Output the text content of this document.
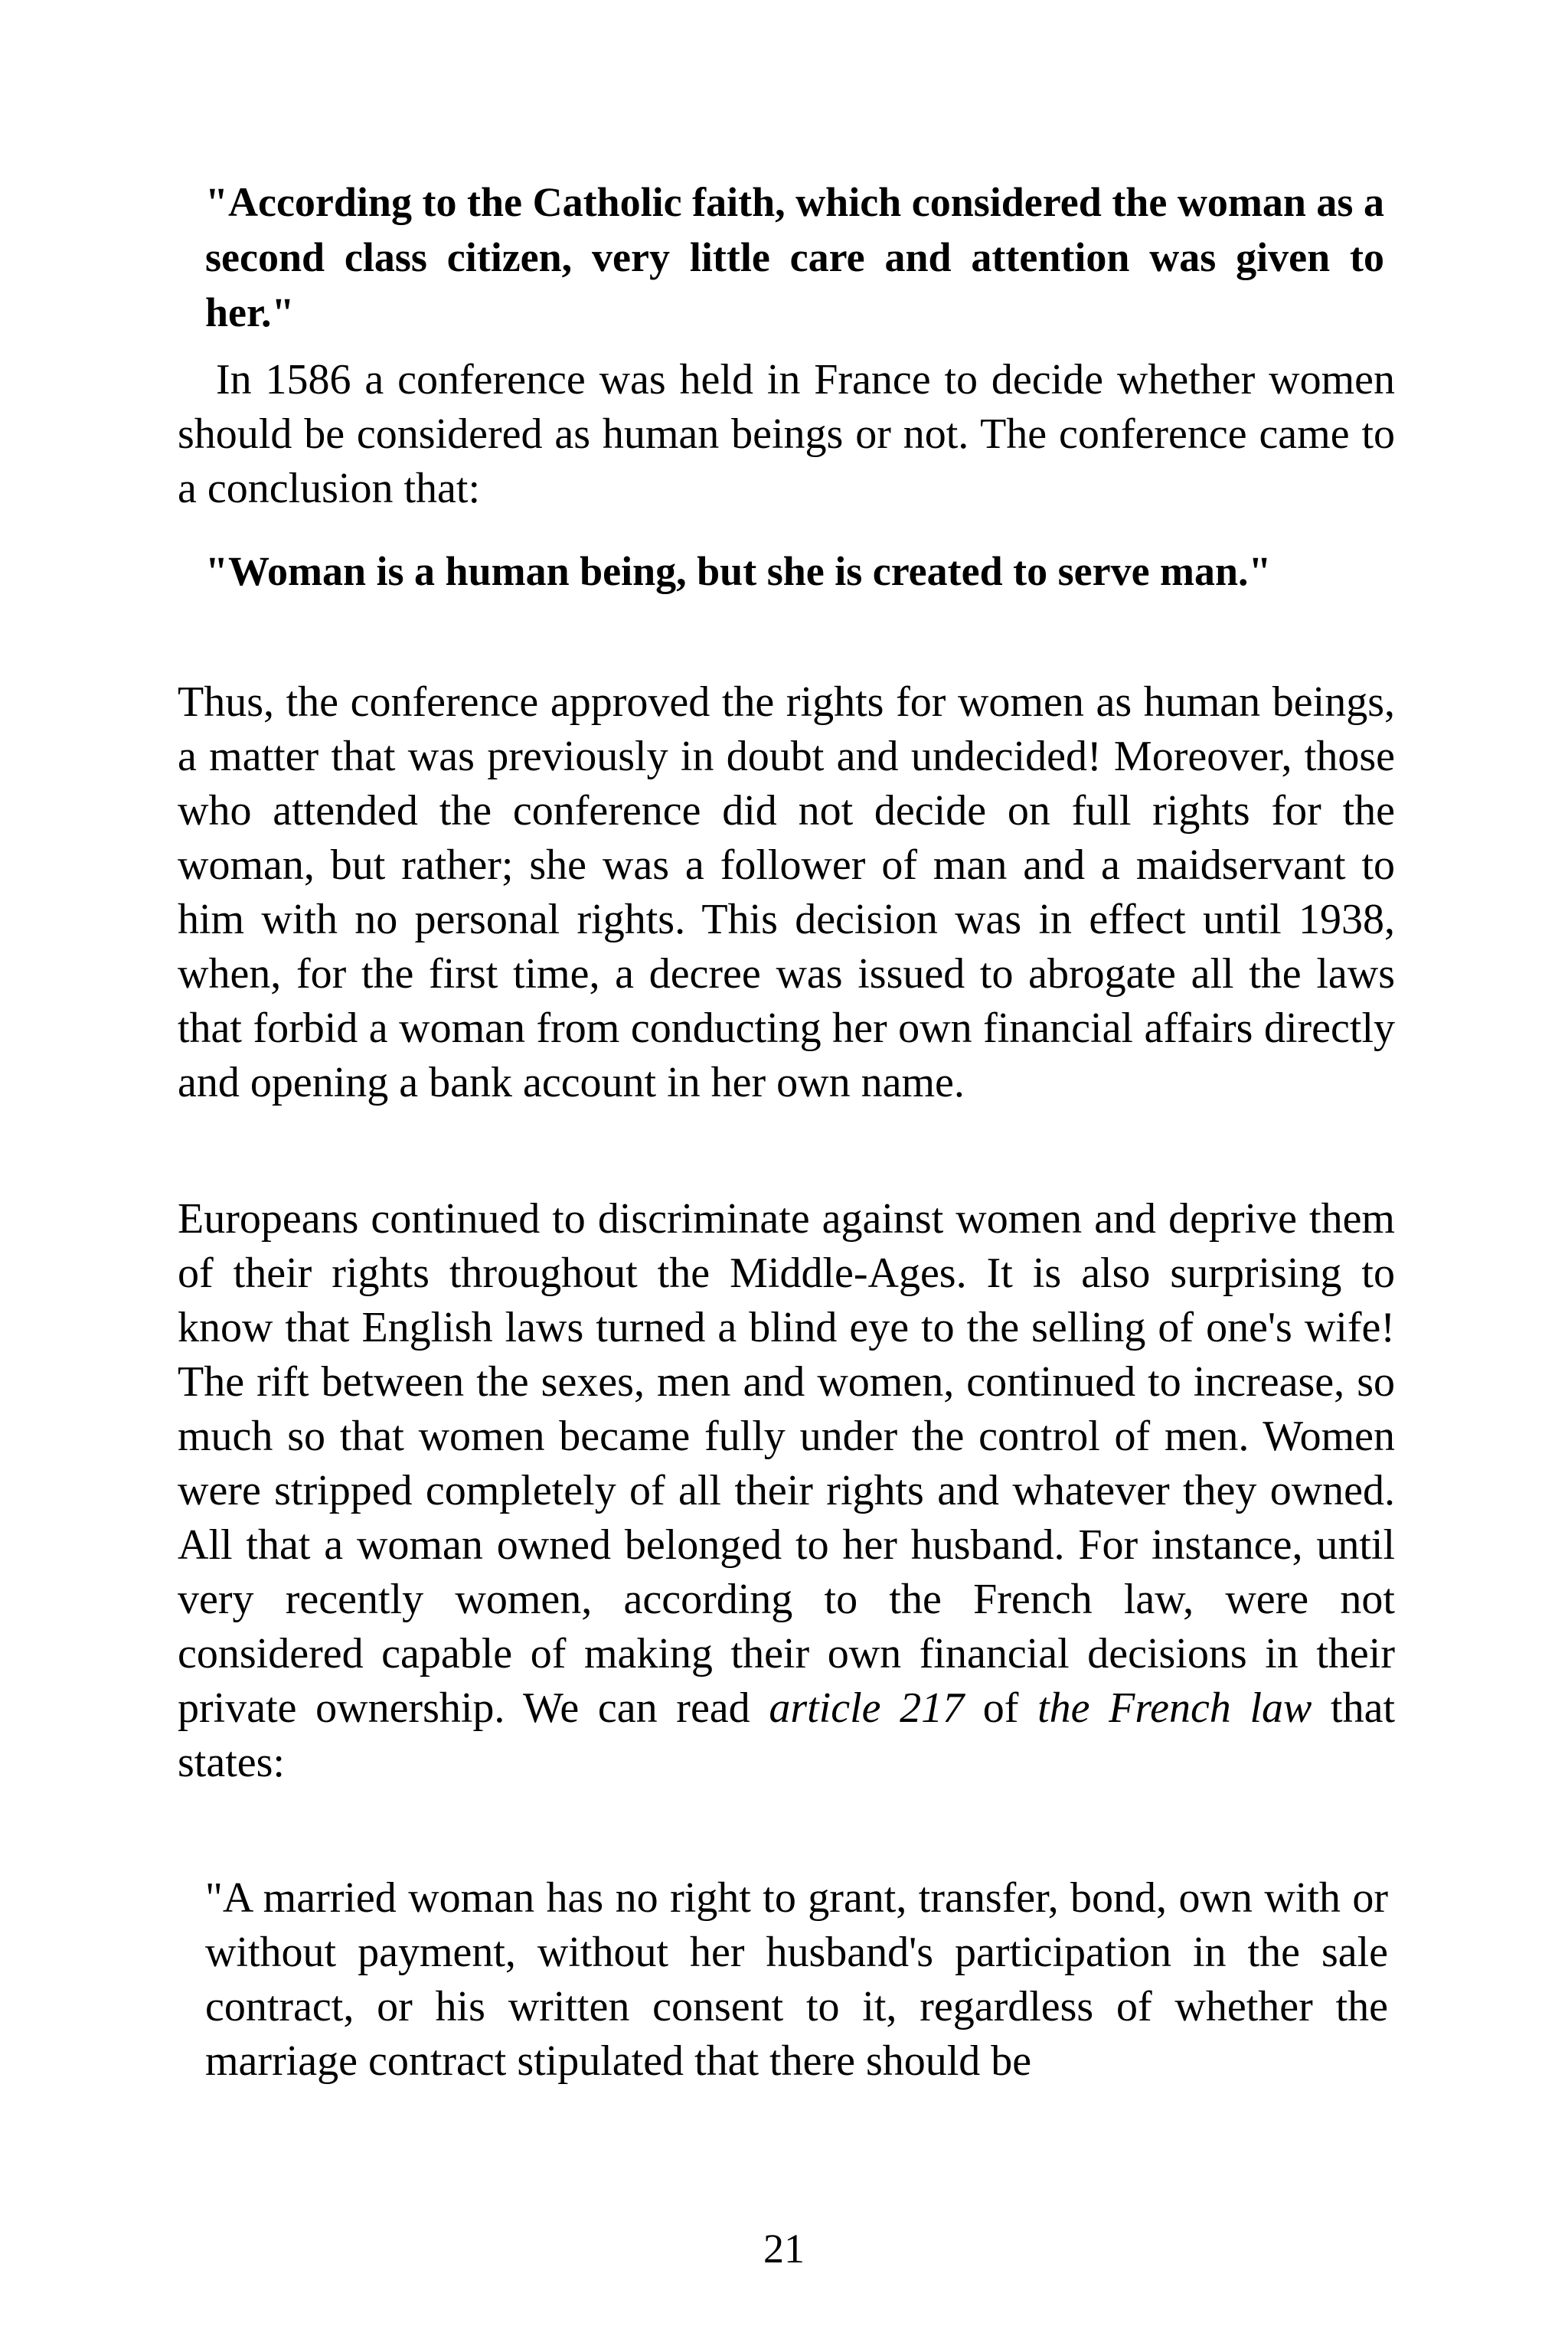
"According to the Catholic faith, which considered the woman as a second class citizen, very little care and attention was given to her."

In 1586 a conference was held in France to decide whether women should be considered as human beings or not. The conference came to a conclusion that:

"Woman is a human being, but she is created to serve man."

Thus, the conference approved the rights for women as human beings, a matter that was previously in doubt and undecided! Moreover, those who attended the conference did not decide on full rights for the woman, but rather; she was a follower of man and a maidservant to him with no personal rights. This decision was in effect until 1938, when, for the first time, a decree was issued to abrogate all the laws that forbid a woman from conducting her own financial affairs directly and opening a bank account in her own name.

Europeans continued to discriminate against women and deprive them of their rights throughout the Middle-Ages. It is also surprising to know that English laws turned a blind eye to the selling of one's wife! The rift between the sexes, men and women, continued to increase, so much so that women became fully under the control of men. Women were stripped completely of all their rights and whatever they owned. All that a woman owned belonged to her husband. For instance, until very recently women, according to the French law, were not considered capable of making their own financial decisions in their private ownership. We can read article 217 of the French law that states:

"A married woman has no right to grant, transfer, bond, own with or without payment, without her husband's participation in the sale contract, or his written consent to it, regardless of whether the marriage contract stipulated that there should be

21
